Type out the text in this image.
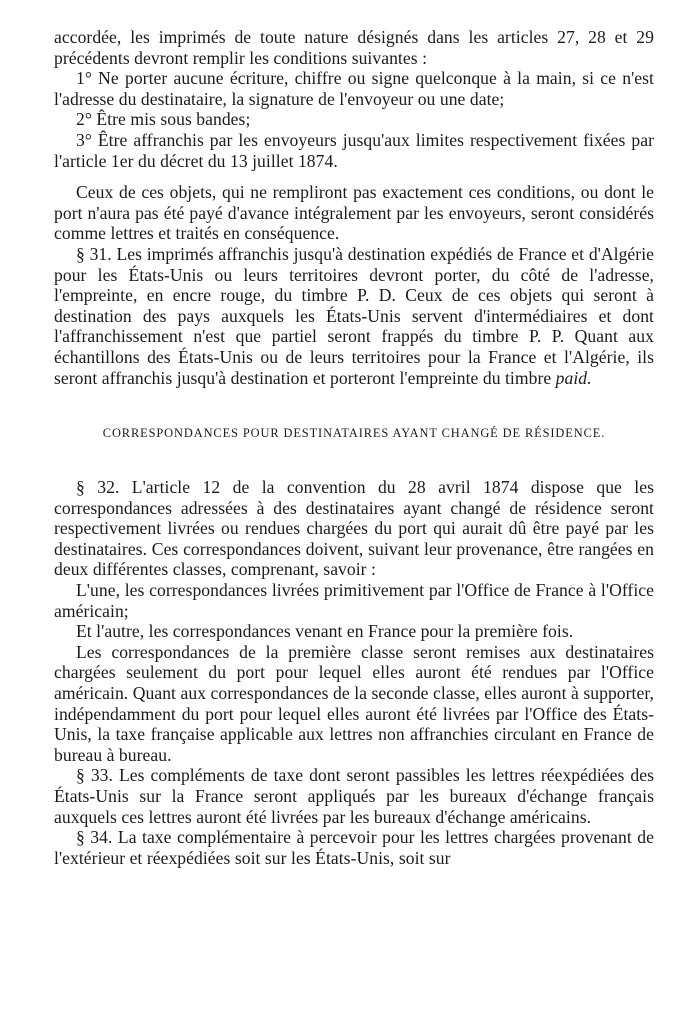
accordée, les imprimés de toute nature désignés dans les articles 27, 28 et 29 précédents devront remplir les conditions suivantes :

1° Ne porter aucune écriture, chiffre ou signe quelconque à la main, si ce n'est l'adresse du destinataire, la signature de l'envoyeur ou une date;

2° Être mis sous bandes;

3° Être affranchis par les envoyeurs jusqu'aux limites respectivement fixées par l'article 1er du décret du 13 juillet 1874.

Ceux de ces objets, qui ne rempliront pas exactement ces conditions, ou dont le port n'aura pas été payé d'avance intégralement par les envoyeurs, seront considérés comme lettres et traités en conséquence.

§ 31. Les imprimés affranchis jusqu'à destination expédiés de France et d'Algérie pour les États-Unis ou leurs territoires devront porter, du côté de l'adresse, l'empreinte, en encre rouge, du timbre P. D. Ceux de ces objets qui seront à destination des pays auxquels les États-Unis servent d'intermédiaires et dont l'affranchissement n'est que partiel seront frappés du timbre P. P. Quant aux échantillons des États-Unis ou de leurs territoires pour la France et l'Algérie, ils seront affranchis jusqu'à destination et porteront l'empreinte du timbre paid.

CORRESPONDANCES POUR DESTINATAIRES AYANT CHANGÉ DE RÉSIDENCE.

§ 32. L'article 12 de la convention du 28 avril 1874 dispose que les correspondances adressées à des destinataires ayant changé de résidence seront respectivement livrées ou rendues chargées du port qui aurait dû être payé par les destinataires. Ces correspondances doivent, suivant leur provenance, être rangées en deux différentes classes, comprenant, savoir :

L'une, les correspondances livrées primitivement par l'Office de France à l'Office américain;

Et l'autre, les correspondances venant en France pour la première fois.

Les correspondances de la première classe seront remises aux destinataires chargées seulement du port pour lequel elles auront été rendues par l'Office américain. Quant aux correspondances de la seconde classe, elles auront à supporter, indépendamment du port pour lequel elles auront été livrées par l'Office des États-Unis, la taxe française applicable aux lettres non affranchies circulant en France de bureau à bureau.

§ 33. Les compléments de taxe dont seront passibles les lettres réexpédiées des États-Unis sur la France seront appliqués par les bureaux d'échange français auxquels ces lettres auront été livrées par les bureaux d'échange américains.

§ 34. La taxe complémentaire à percevoir pour les lettres chargées provenant de l'extérieur et réexpédiées soit sur les États-Unis, soit sur
